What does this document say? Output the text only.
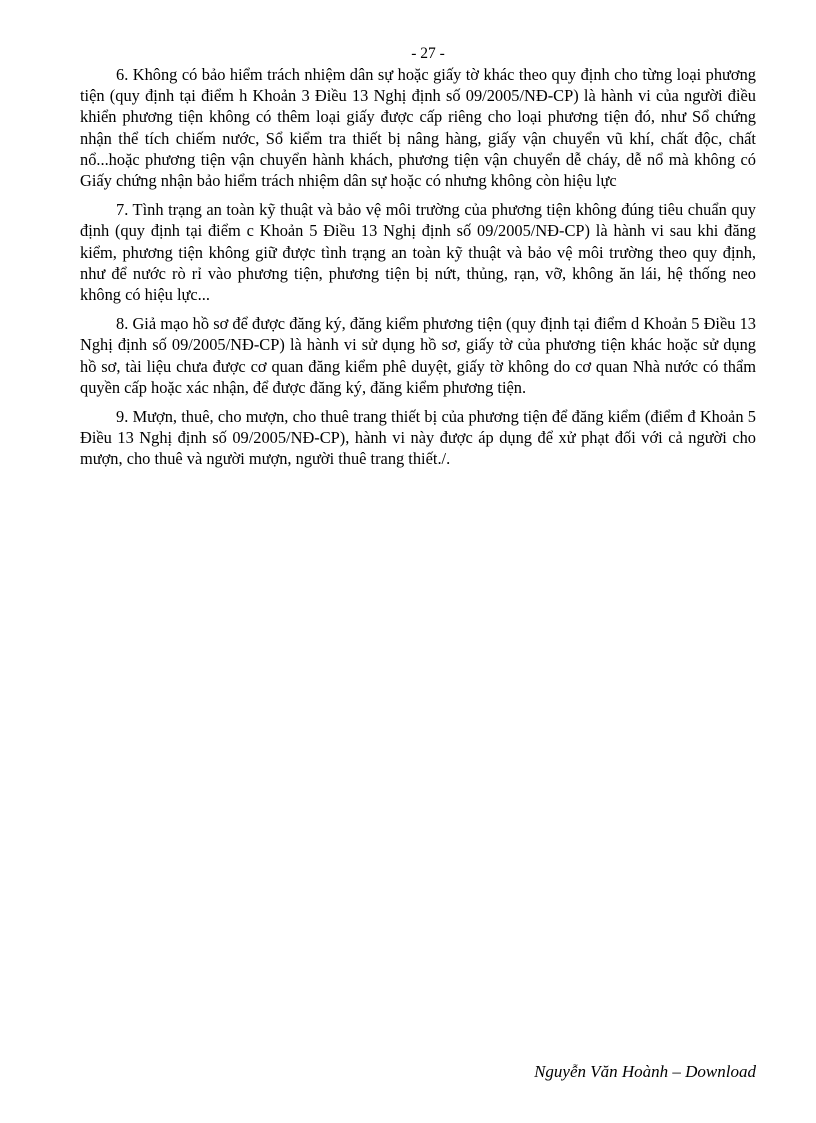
- 27 -

6. Không có bảo hiểm trách nhiệm dân sự hoặc giấy tờ khác theo quy định cho từng loại phương tiện (quy định tại điểm h Khoản 3 Điều 13 Nghị định số 09/2005/NĐ-CP) là hành vi của người điều khiển phương tiện không có thêm loại giấy được cấp riêng cho loại phương tiện đó, như Sổ chứng nhận thể tích chiếm nước, Sổ kiểm tra thiết bị nâng hàng, giấy vận chuyển vũ khí, chất độc, chất nổ...hoặc phương tiện vận chuyển hành khách, phương tiện vận chuyển dễ cháy, dễ nổ mà không có Giấy chứng nhận bảo hiểm trách nhiệm dân sự hoặc có nhưng không còn hiệu lực

7. Tình trạng an toàn kỹ thuật và bảo vệ môi trường của phương tiện không đúng tiêu chuẩn quy định (quy định tại điểm c Khoản 5 Điều 13 Nghị định số 09/2005/NĐ-CP) là hành vi sau khi đăng kiểm, phương tiện không giữ được tình trạng an toàn kỹ thuật và bảo vệ môi trường theo quy định, như để nước rò rỉ vào phương tiện, phương tiện bị nứt, thủng, rạn, vỡ, không ăn lái, hệ thống neo không có hiệu lực...

8. Giả mạo hồ sơ để được đăng ký, đăng kiểm phương tiện (quy định tại điểm d Khoản 5 Điều 13 Nghị định số 09/2005/NĐ-CP) là hành vi sử dụng hồ sơ, giấy tờ của phương tiện khác hoặc sử dụng hồ sơ, tài liệu chưa được cơ quan đăng kiểm phê duyệt, giấy tờ không do cơ quan Nhà nước có thẩm quyền cấp hoặc xác nhận, để được đăng ký, đăng kiểm phương tiện.

9. Mượn, thuê, cho mượn, cho thuê trang thiết bị của phương tiện để đăng kiểm (điểm đ Khoản 5 Điều 13 Nghị định số 09/2005/NĐ-CP), hành vi này được áp dụng để xử phạt đối với cả người cho mượn, cho thuê và người mượn, người thuê trang thiết./.

Nguyễn Văn Hoành – Download
